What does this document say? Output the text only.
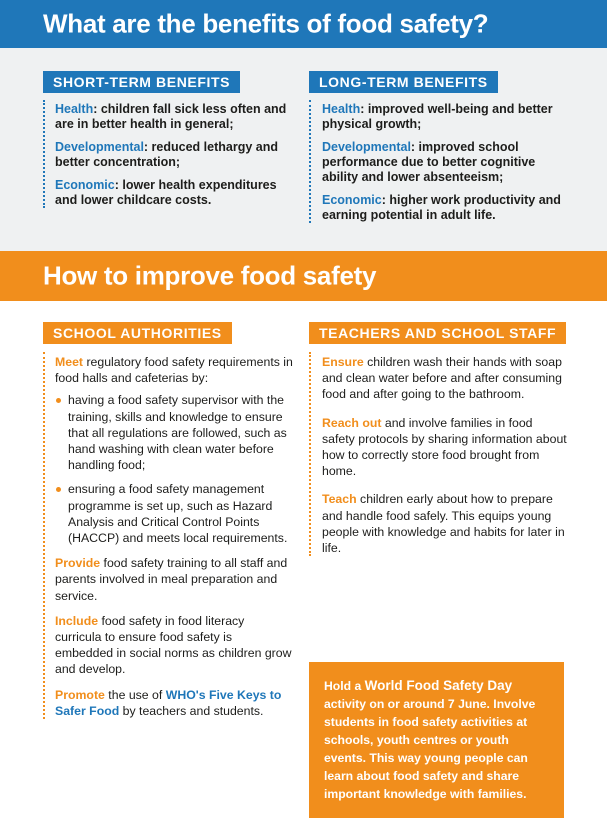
What are the benefits of food safety?
SHORT-TERM BENEFITS
Health: children fall sick less often and are in better health in general;
Developmental: reduced lethargy and better concentration;
Economic: lower health expenditures and lower childcare costs.
LONG-TERM BENEFITS
Health: improved well-being and better physical growth;
Developmental: improved school performance due to better cognitive ability and lower absenteeism;
Economic: higher work productivity and earning potential in adult life.
How to improve food safety
SCHOOL AUTHORITIES
Meet regulatory food safety requirements in food halls and cafeterias by:
having a food safety supervisor with the training, skills and knowledge to ensure that all regulations are followed, such as hand washing with clean water before handling food;
ensuring a food safety management programme is set up, such as Hazard Analysis and Critical Control Points (HACCP) and meets local requirements.
Provide food safety training to all staff and parents involved in meal preparation and service.
Include food safety in food literacy curricula to ensure food safety is embedded in social norms as children grow and develop.
Promote the use of WHO's Five Keys to Safer Food by teachers and students.
TEACHERS AND SCHOOL STAFF
Ensure children wash their hands with soap and clean water before and after consuming food and after going to the bathroom.
Reach out and involve families in food safety protocols by sharing information about how to correctly store food brought from home.
Teach children early about how to prepare and handle food safely. This equips young people with knowledge and habits for later in life.
Hold a World Food Safety Day activity on or around 7 June. Involve students in food safety activities at schools, youth centres or youth events. This way young people can learn about food safety and share important knowledge with families.
